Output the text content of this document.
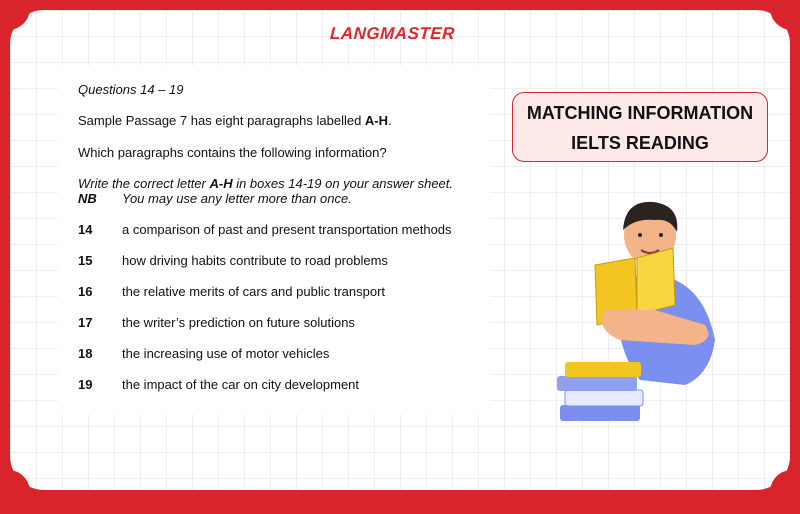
LANGMASTER

Questions 14 – 19

Sample Passage 7 has eight paragraphs labelled A-H.

Which paragraphs contains the following information?

Write the correct letter A-H in boxes 14-19 on your answer sheet.

NB You may use any letter more than once.

14 a comparison of past and present transportation methods
15 how driving habits contribute to road problems
16 the relative merits of cars and public transport
17 the writer’s prediction on future solutions
18 the increasing use of motor vehicles
19 the impact of the car on city development
MATCHING INFORMATION
IELTS READING
